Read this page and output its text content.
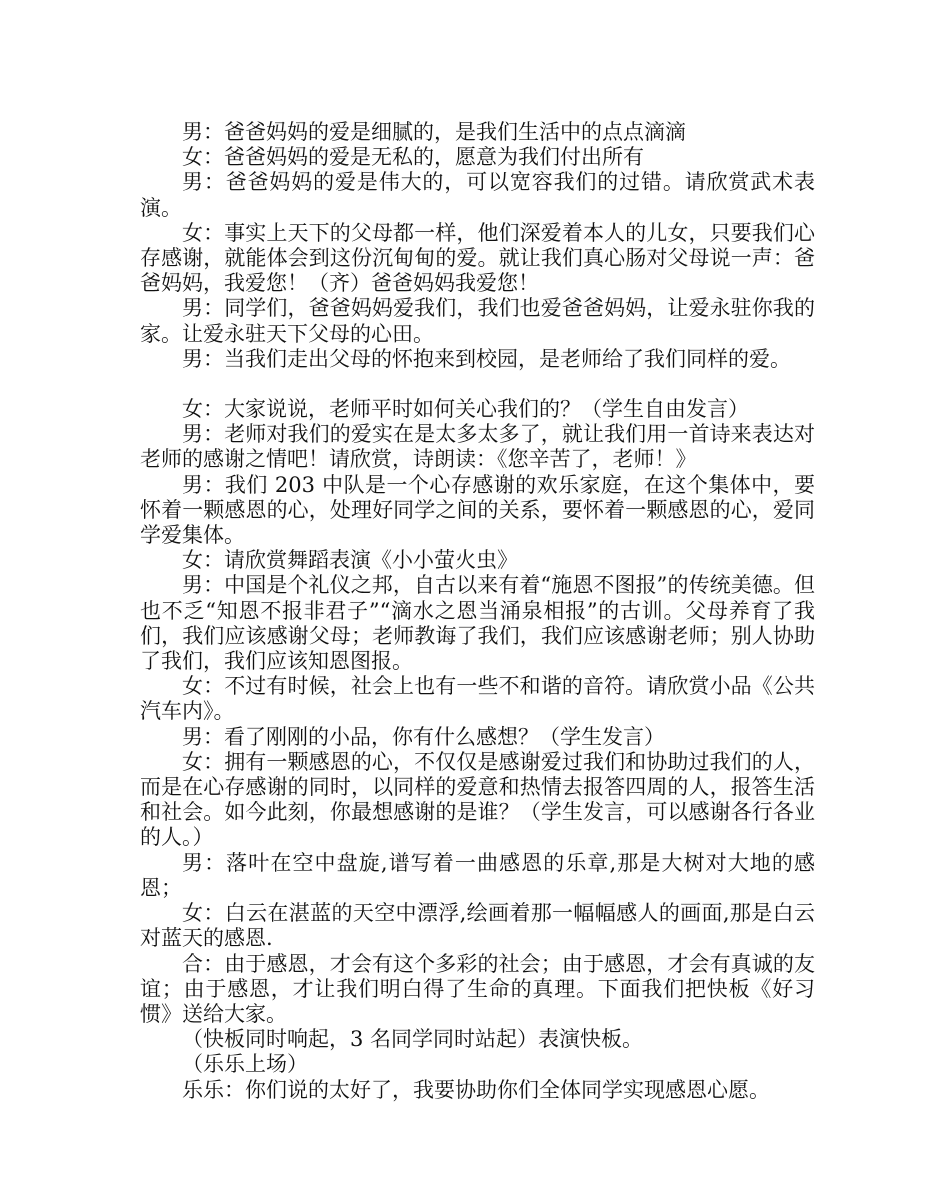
男：爸爸妈妈的爱是细腻的，是我们生活中的点点滴滴

女：爸爸妈妈的爱是无私的，愿意为我们付出所有

男：爸爸妈妈的爱是伟大的，可以宽容我们的过错。请欣赏武术表演。

女：事实上天下的父母都一样，他们深爱着本人的儿女，只要我们心存感谢，就能体会到这份沉甸甸的爱。就让我们真心肠对父母说一声：爸爸妈妈，我爱您！（齐）爸爸妈妈我爱您！

男：同学们，爸爸妈妈爱我们，我们也爱爸爸妈妈，让爱永驻你我的家。让爱永驻天下父母的心田。

男：当我们走出父母的怀抱来到校园，是老师给了我们同样的爱。

女：大家说说，老师平时如何关心我们的？（学生自由发言）

男：老师对我们的爱实在是太多太多了，就让我们用一首诗来表达对老师的感谢之情吧！请欣赏，诗朗读：《您辛苦了，老师！》

男：我们 203 中队是一个心存感谢的欢乐家庭，在这个集体中，要怀着一颗感恩的心，处理好同学之间的关系，要怀着一颗感恩的心，爱同学爱集体。

女：请欣赏舞蹈表演《小小萤火虫》

男：中国是个礼仪之邦，自古以来有着“施恩不图报”的传统美德。但也不乏“知恩不报非君子”“滴水之恩当涌泉相报”的古训。父母养育了我们，我们应该感谢父母；老师教诲了我们，我们应该感谢老师；别人协助了我们，我们应该知恩图报。

女：不过有时候，社会上也有一些不和谐的音符。请欣赏小品《公共汽车内》。

男：看了刚刚的小品，你有什么感想？（学生发言）

女：拥有一颗感恩的心，不仅仅是感谢爱过我们和协助过我们的人，而是在心存感谢的同时，以同样的爱意和热情去报答四周的人，报答生活和社会。如今此刻，你最想感谢的是谁？（学生发言，可以感谢各行各业的人。）

男：落叶在空中盘旋,谱写着一曲感恩的乐章,那是大树对大地的感恩；

女：白云在湛蓝的天空中漂浮,绘画着那一幅幅感人的画面,那是白云对蓝天的感恩.

合：由于感恩，才会有这个多彩的社会；由于感恩，才会有真诚的友谊；由于感恩，才让我们明白得了生命的真理。下面我们把快板《好习惯》送给大家。

（快板同时响起，3 名同学同时站起）表演快板。

（乐乐上场）

乐乐：你们说的太好了，我要协助你们全体同学实现感恩心愿。
